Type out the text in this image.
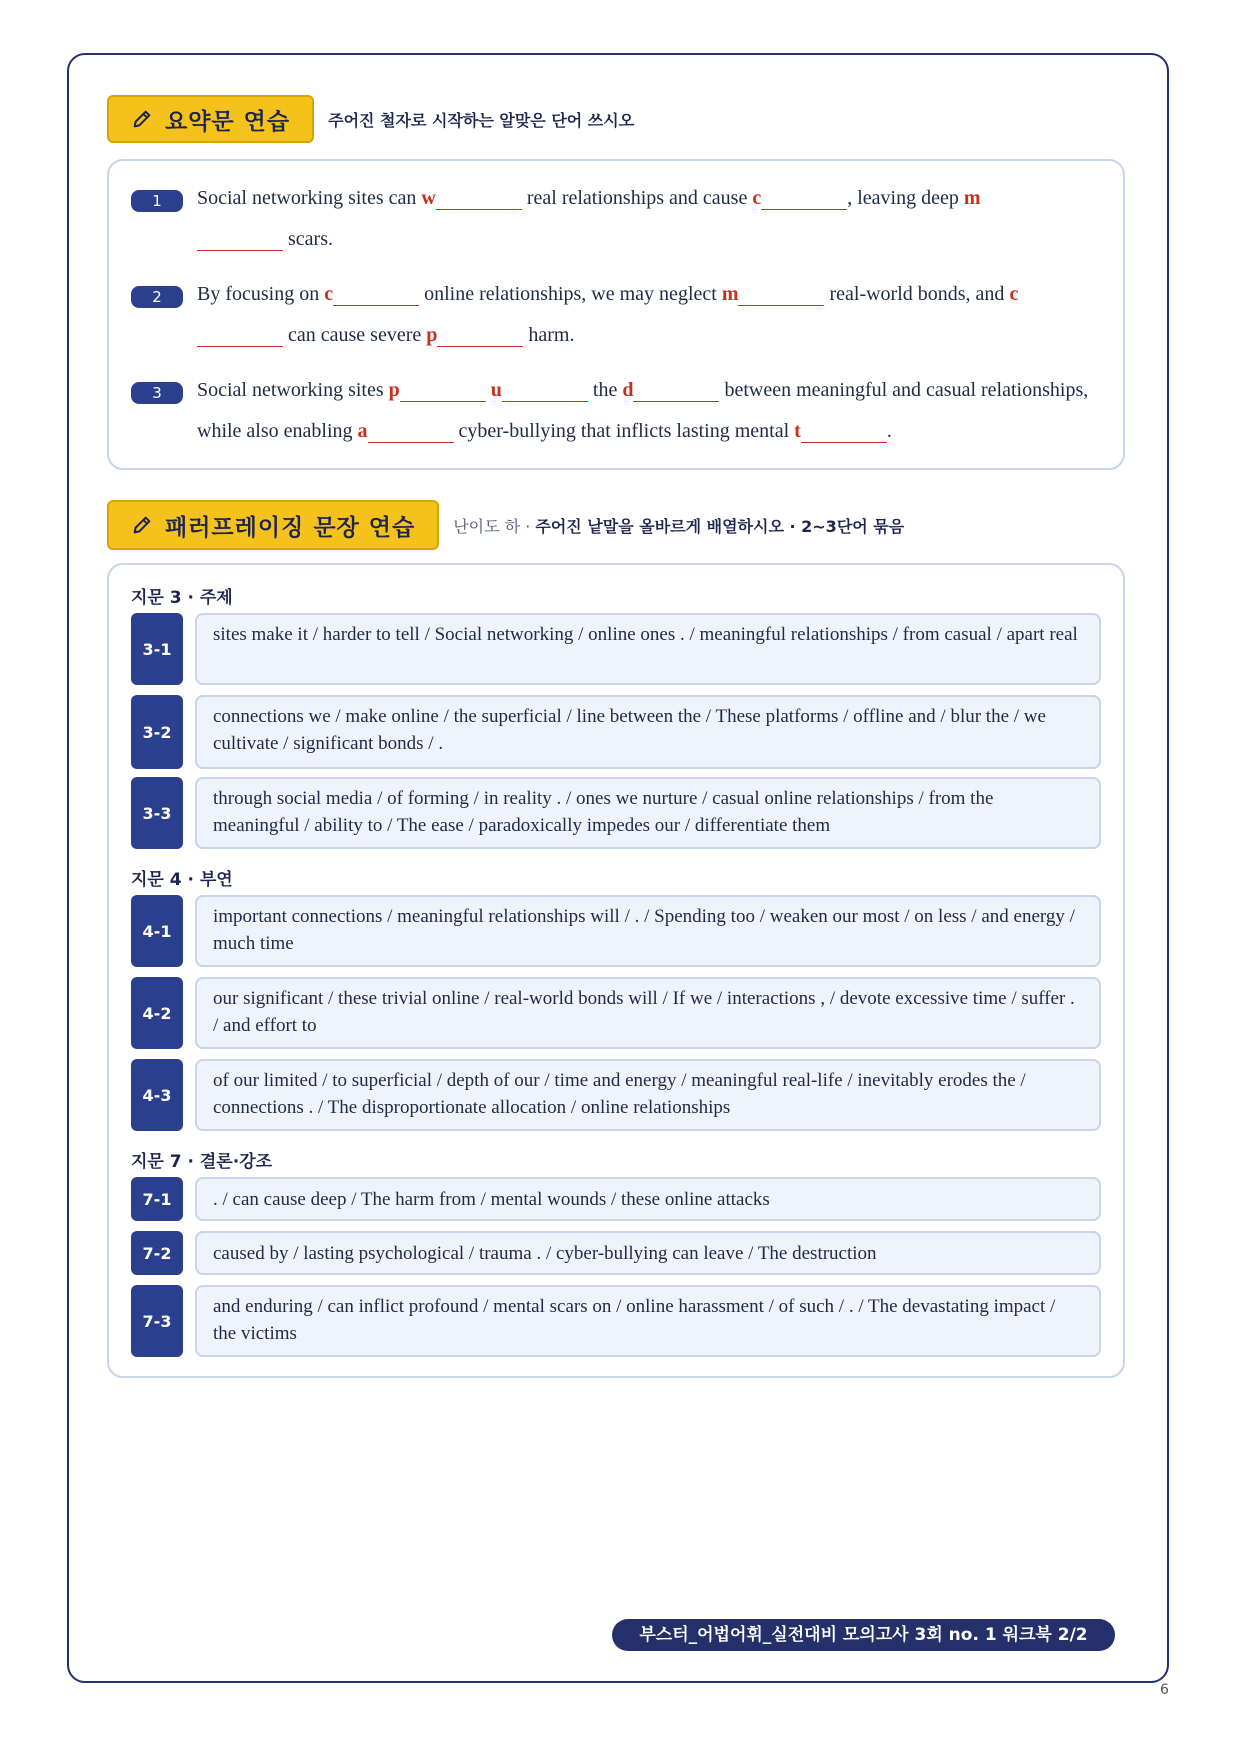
요약문 연습 주어진 철자로 시작하는 알맞은 단어 쓰시오
1	Social networking sites can w	real relationships and cause c	, leaving deep m
scars.
2	By focusing on c	online relationships, we may neglect m	real-world bonds, and c
can cause severe p	harm.
3	Social networking sites p	u	the d	between meaningful and casual relationships, while also enabling a	cyber-bullying that inflicts lasting mental t	.
패러프레이징 문장 연습 난이도 하 · 주어진 낱말을 올바르게 배열하시오 · 2~3단어 묶음
지문 3 · 주제
3-1
sites make it / harder to tell / Social networking / online ones . / meaningful relationships / from casual / apart real
3-2
connections we / make online / the superficial / line between the / These platforms / offline and / blur the / we cultivate / significant bonds / .
3-3
through social media / of forming / in reality . / ones we nurture / casual online relationships / from the meaningful / ability to / The ease / paradoxically impedes our / differentiate them
지문 4 · 부연
4-1
important connections / meaningful relationships will / . / Spending too / weaken our most / on less / and energy / much time
4-2
our significant / these trivial online / real-world bonds will / If we / interactions , / devote excessive time / suffer . / and effort to
4-3
of our limited / to superficial / depth of our / time and energy / meaningful real-life / inevitably erodes the / connections . / The disproportionate allocation / online relationships
지문 7 · 결론·강조
7-1	. / can cause deep / The harm from / mental wounds / these online attacks
7-2	caused by / lasting psychological / trauma . / cyber-bullying can leave / The destruction
7-3
and enduring / can inflict profound / mental scars on / online harassment / of such / . / The devastating impact / the victims
부스터_어법어휘_실전대비 모의고사 3회 no. 1 워크북 2/2
6
